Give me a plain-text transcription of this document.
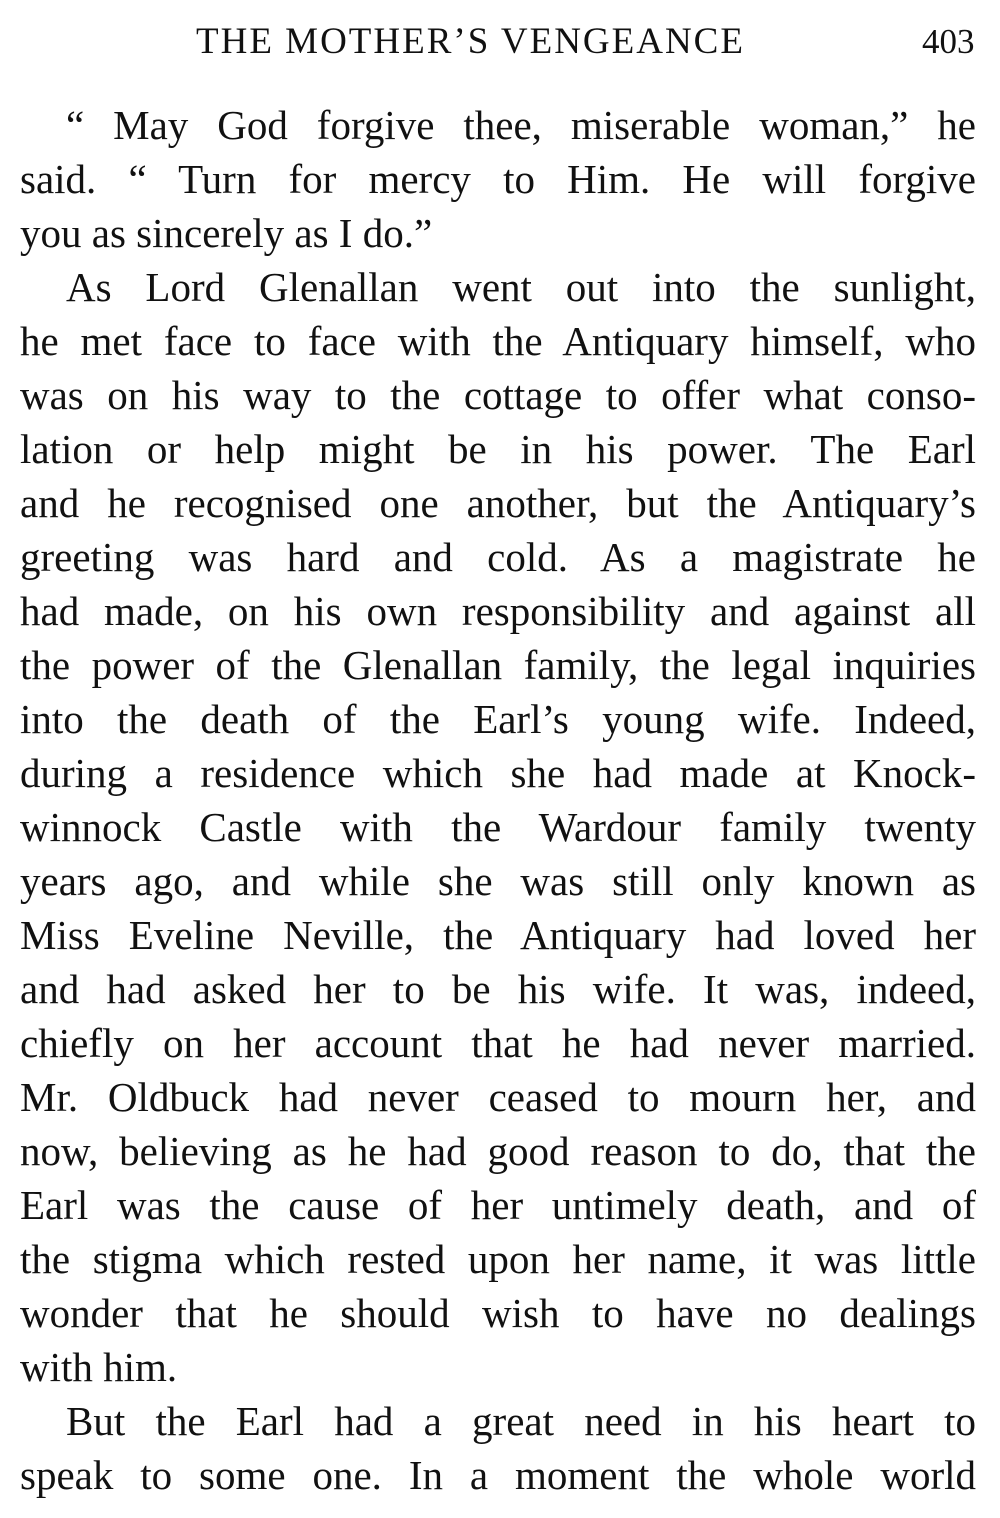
THE MOTHER’S VENGEANCE	403
“ May God forgive thee, miserable woman,” he
said. “ Turn for mercy to Him. He will forgive
you as sincerely as I do.”
As Lord Glenallan went out into the sunlight,
he met face to face with the Antiquary himself, who
was on his way to the cottage to offer what conso-
lation or help might be in his power. The Earl
and he recognised one another, but the Antiquary’s
greeting was hard and cold. As a magistrate he
had made, on his own responsibility and against all
the power of the Glenallan family, the legal inquiries
into the death of the Earl’s young wife. Indeed,
during a residence which she had made at Knock-
winnock Castle with the Wardour family twenty
years ago, and while she was still only known as
Miss Eveline Neville, the Antiquary had loved her
and had asked her to be his wife. It was, indeed,
chiefly on her account that he had never married.
Mr. Oldbuck had never ceased to mourn her, and
now, believing as he had good reason to do, that the
Earl was the cause of her untimely death, and of
the stigma which rested upon her name, it was little
wonder that he should wish to have no dealings
with him.
But the Earl had a great need in his heart to
speak to some one. In a moment the whole world
